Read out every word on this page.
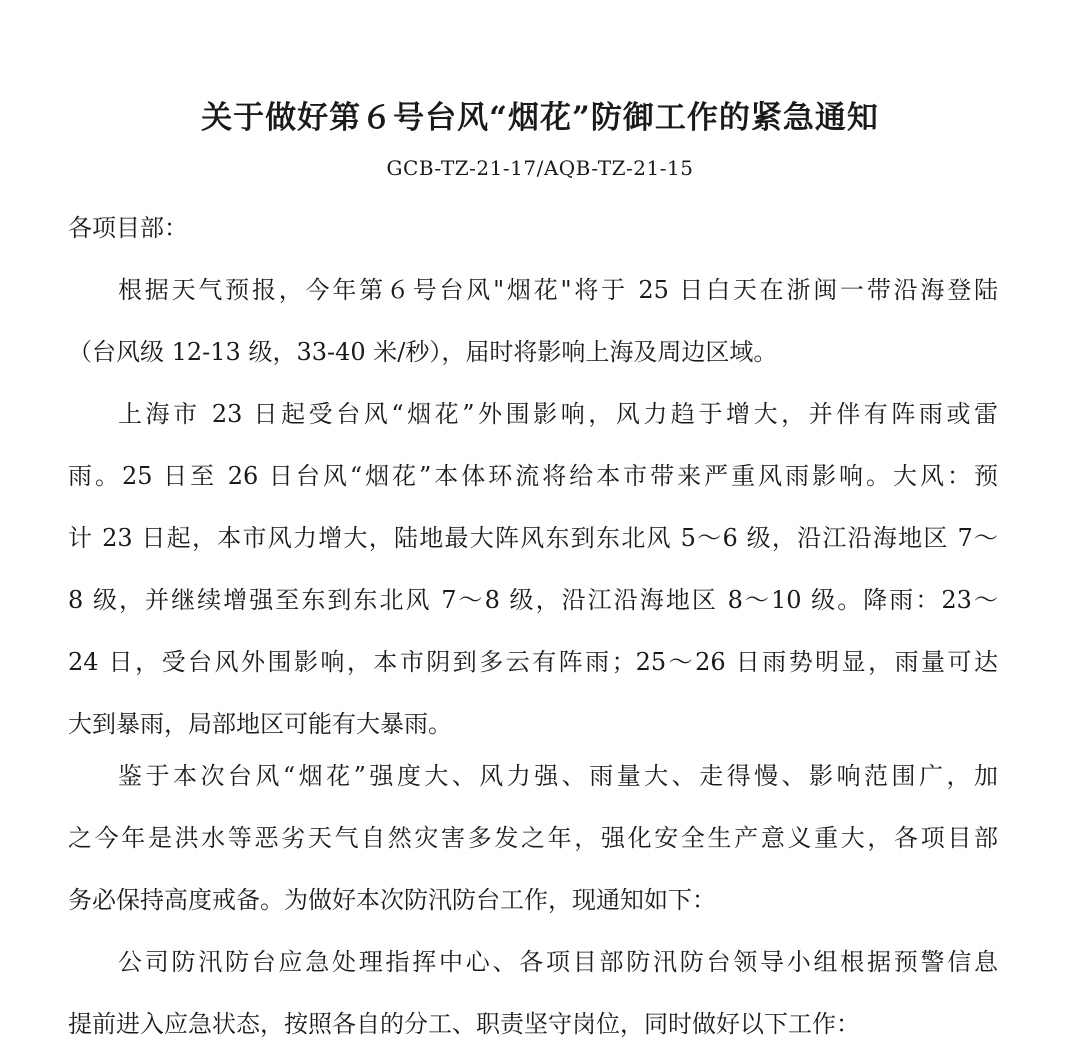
关于做好第６号台风“烟花”防御工作的紧急通知
GCB-TZ-21-17/AQB-TZ-21-15
各项目部：
根据天气预报，今年第６号台风"烟花"将于 25 日白天在浙闽一带沿海登陆
（台风级 12-13 级，33-40 米/秒），届时将影响上海及周边区域。
上海市 23 日起受台风“烟花”外围影响，风力趋于增大，并伴有阵雨或雷
雨。25 日至 26 日台风“烟花”本体环流将给本市带来严重风雨影响。大风：预
计 23 日起，本市风力增大，陆地最大阵风东到东北风 5～6 级，沿江沿海地区 7～
8 级，并继续增强至东到东北风 7～8 级，沿江沿海地区 8～10 级。降雨：23～
24 日，受台风外围影响，本市阴到多云有阵雨；25～26 日雨势明显，雨量可达
大到暴雨，局部地区可能有大暴雨。
鉴于本次台风“烟花”强度大、风力强、雨量大、走得慢、影响范围广，加
之今年是洪水等恶劣天气自然灾害多发之年，强化安全生产意义重大，各项目部
务必保持高度戒备。为做好本次防汛防台工作，现通知如下：
公司防汛防台应急处理指挥中心、各项目部防汛防台领导小组根据预警信息
提前进入应急状态，按照各自的分工、职责坚守岗位，同时做好以下工作：
